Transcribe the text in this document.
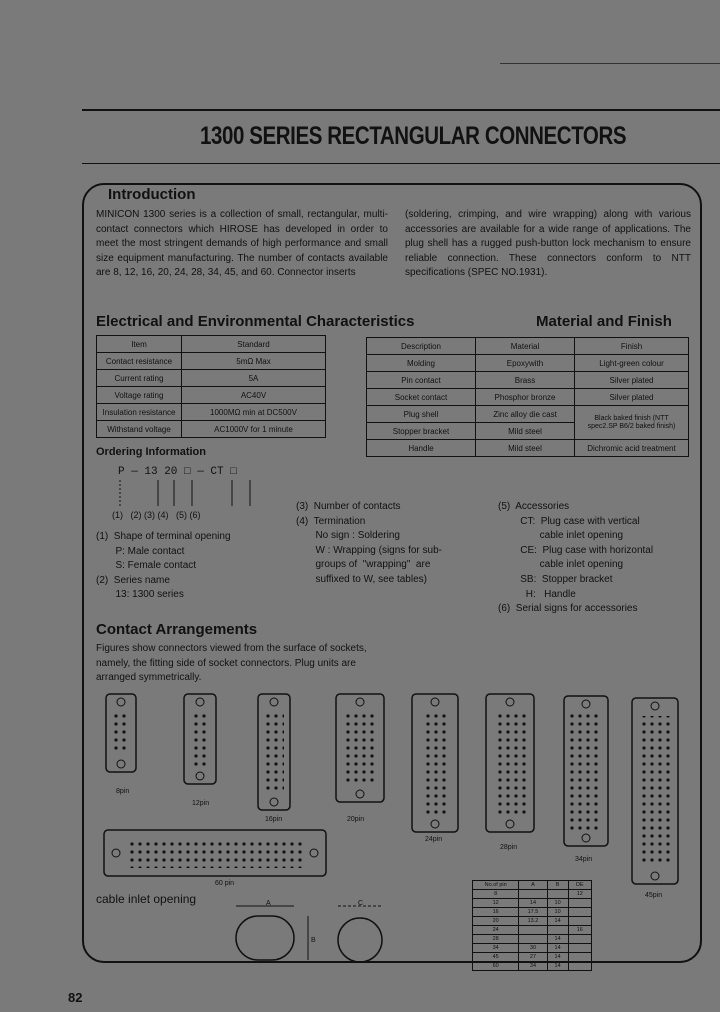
1300 SERIES RECTANGULAR CONNECTORS
Introduction
MINICON 1300 series is a collection of small, rectangular, multi-contact connectors which HIROSE has developed in order to meet the most stringent demands of high performance and small size equipment manufacturing. The number of contacts available are 8, 12, 16, 20, 24, 28, 34, 45, and 60. Connector inserts
(soldering, crimping, and wire wrapping) along with various accessories are available for a wide range of applications. The plug shell has a rugged push-button lock mechanism to ensure reliable connection. These connectors conform to NTT specifications (SPEC NO.1931).
Electrical and Environmental Characteristics
Item	Standard
Contact resistance	5mΩ Max
Current rating	5A
Voltage rating	AC40V
Insulation resistance	1000MΩ min at DC500V
Withstand voltage	AC1000V for 1 minute
Material and Finish
Description	Material	Finish
Molding	Epoxywith	Light-green colour
Pin contact	Brass	Silver plated
Socket contact	Phosphor bronze	Silver plated
Plug shell	Zinc alloy die cast	Black baked finish (NTT spec2.SP B6/2 baked finish)
Stopper bracket	Mild steel	
Handle	Mild steel	Dichromic acid treatment
Ordering Information
P — 13 20 □ — CT □
(1)   (2) (3) (4)   (5) (6)
(1)  Shape of terminal opening
P: Male contact
S: Female contact
(2)  Series name
13: 1300 series
(3)  Number of contacts
(4)  Termination
No sign : Soldering
W : Wrapping (signs for sub-
groups of  "wrapping"  are
suffixed to W, see tables)
(5)  Accessories
CT:  Plug case with vertical
cable inlet opening
CE:  Plug case with horizontal
cable inlet opening
SB:  Stopper bracket
H:   Handle
(6)  Serial signs for accessories
Contact Arrangements
Figures show connectors viewed from the surface of sockets, namely, the fitting side of socket connectors. Plug units are arranged symmetrically.
8pin
12pin
16pin	20pin
24pin
28pin
34pin
45pin
60 pin
cable inlet opening	A
B
C
No.of pin	A	B	DE
8			12
12	14	10	
16	17.5	10	
20	13.2	14	
24			16
28		14	
34	30	14	
45	27	14	
60	34	14	
82
